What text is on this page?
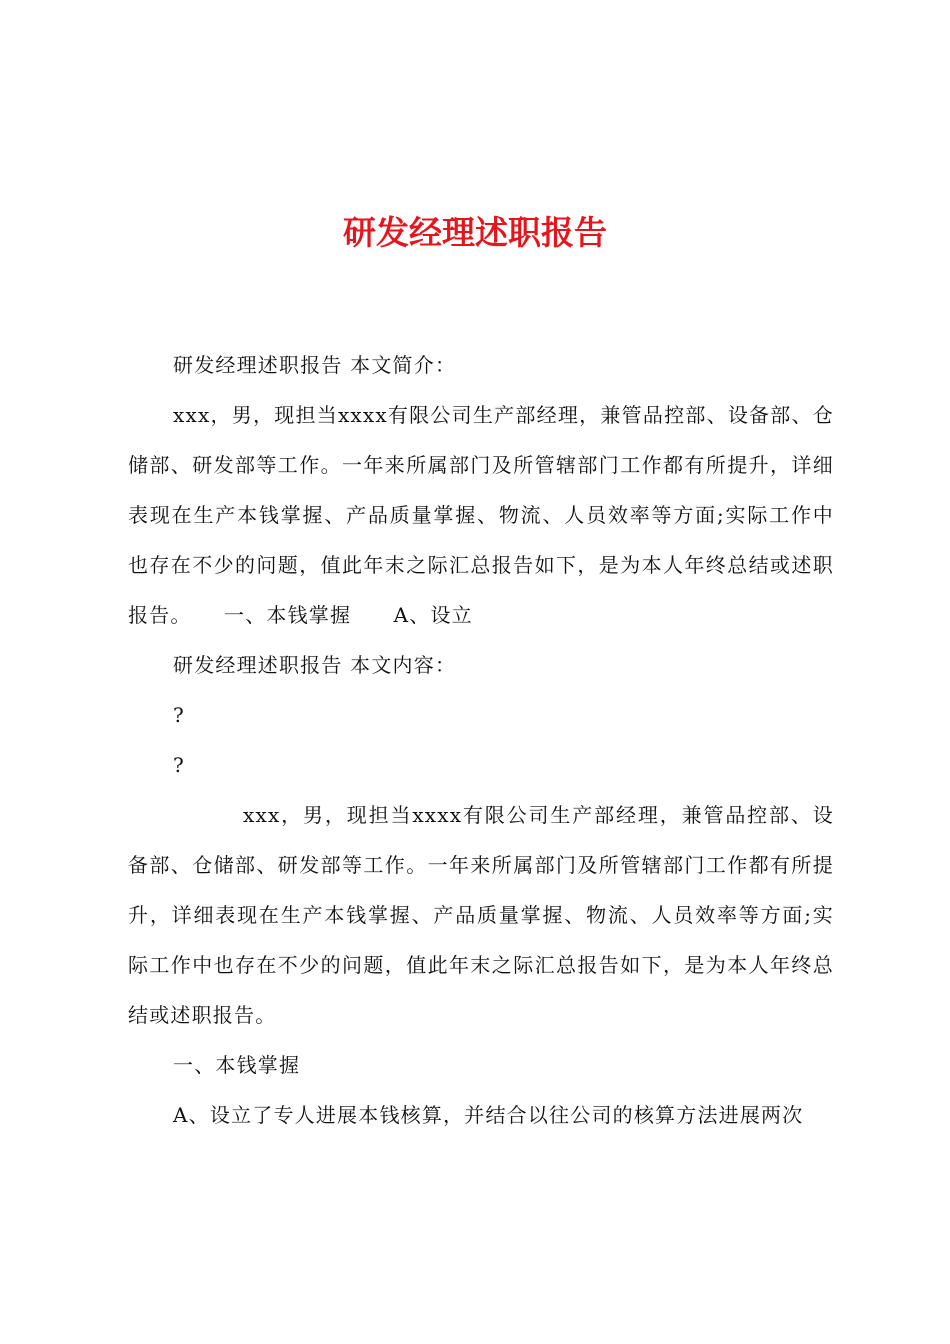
研发经理述职报告

研发经理述职报告 本文简介：

xxx，男，现担当xxxx有限公司生产部经理，兼管品控部、设备部、仓储部、研发部等工作。一年来所属部门及所管辖部门工作都有所提升，详细表现在生产本钱掌握、产品质量掌握、物流、人员效率等方面;实际工作中也存在不少的问题，值此年末之际汇总报告如下，是为本人年终总结或述职报告。　　一、本钱掌握　　A、设立

研发经理述职报告 本文内容：

?

?

xxx，男，现担当xxxx有限公司生产部经理，兼管品控部、设备部、仓储部、研发部等工作。一年来所属部门及所管辖部门工作都有所提升，详细表现在生产本钱掌握、产品质量掌握、物流、人员效率等方面;实际工作中也存在不少的问题，值此年末之际汇总报告如下，是为本人年终总结或述职报告。

一、本钱掌握

A、设立了专人进展本钱核算，并结合以往公司的核算方法进展两次
